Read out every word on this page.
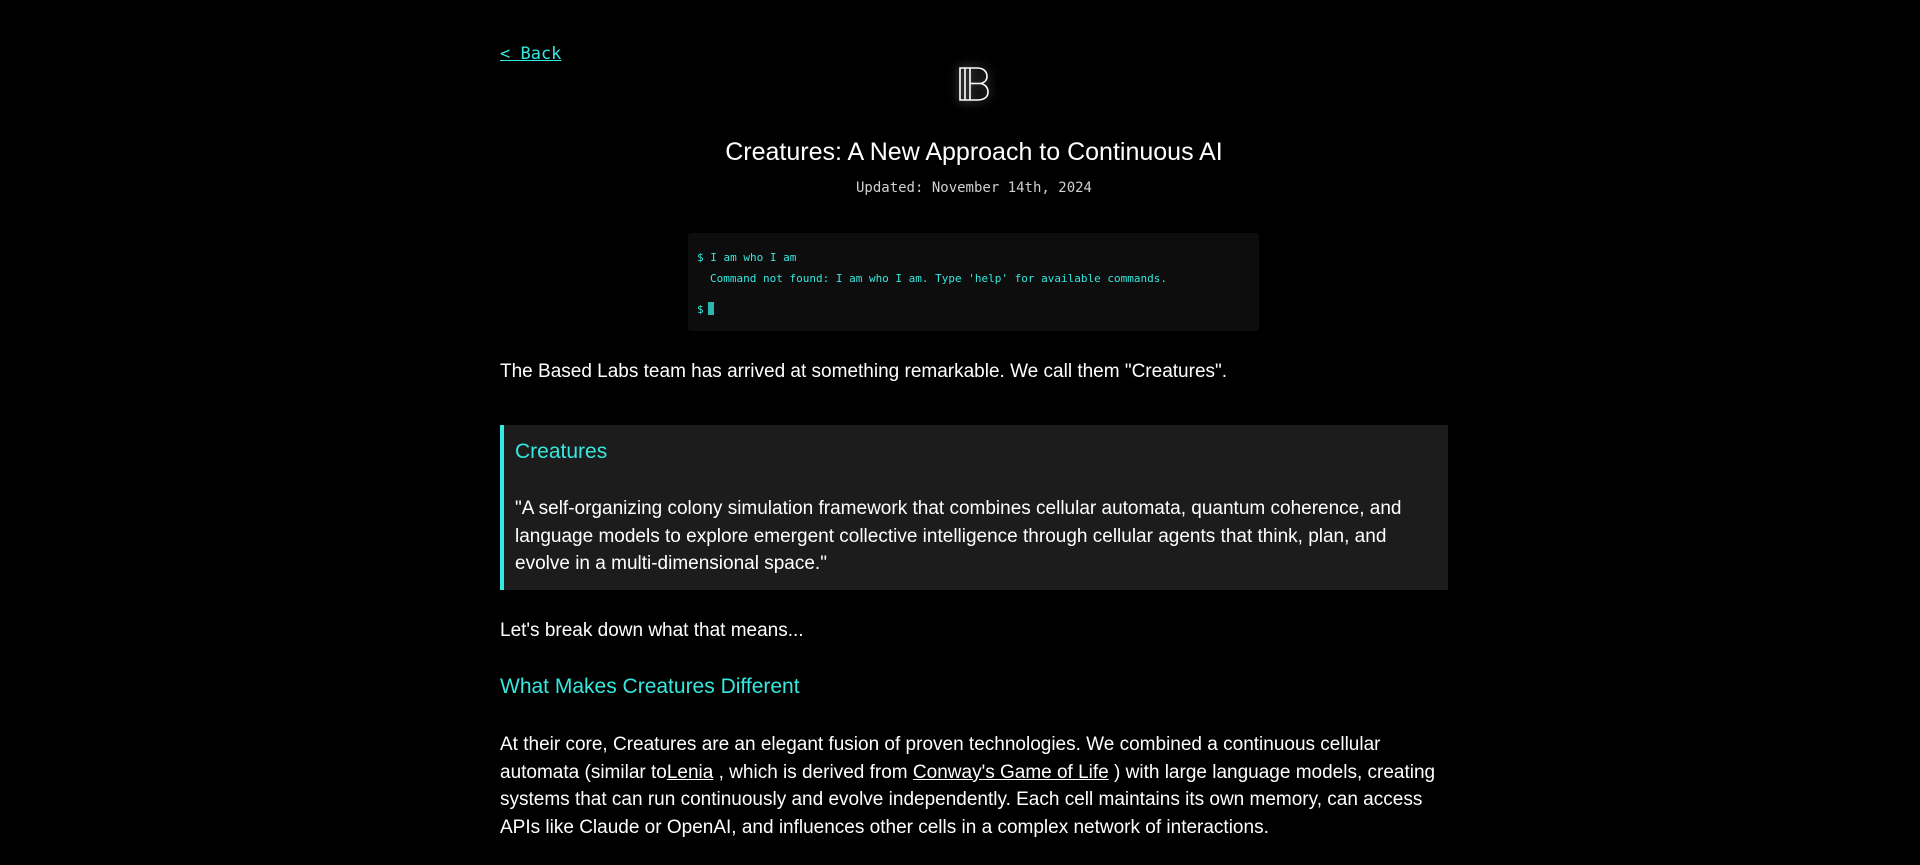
< Back
Creatures: A New Approach to Continuous AI
Updated: November 14th, 2024
$ I am who I am
Command not found: I am who I am. Type 'help' for available commands.
$

The Based Labs team has arrived at something remarkable. We call them "Creatures".

Creatures
"A self-organizing colony simulation framework that combines cellular automata, quantum coherence, and language models to explore emergent collective intelligence through cellular agents that think, plan, and evolve in a multi-dimensional space."
Let's break down what that means...
What Makes Creatures Different
At their core, Creatures are an elegant fusion of proven technologies. We combined a continuous cellular automata (similar toLenia , which is derived from Conway's Game of Life ) with large language models, creating systems that can run continuously and evolve independently. Each cell maintains its own memory, can access APIs like Claude or OpenAI, and influences other cells in a complex network of interactions.
